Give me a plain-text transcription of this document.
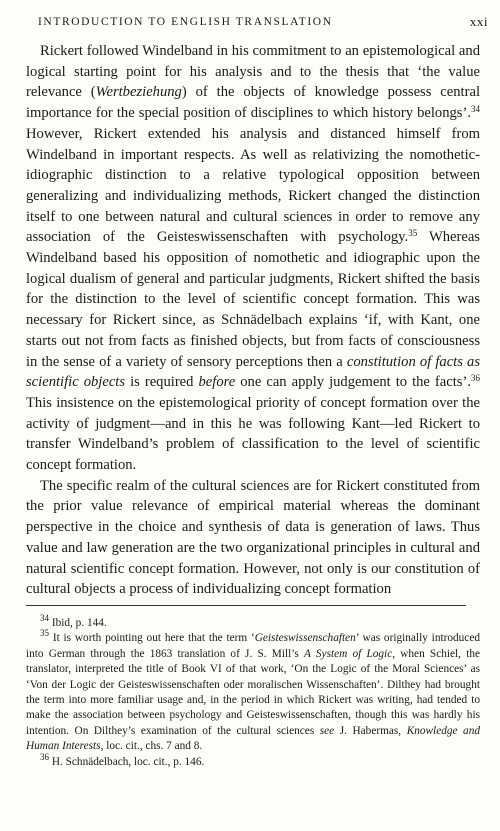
INTRODUCTION TO ENGLISH TRANSLATION	xxi

Rickert followed Windelband in his commitment to an epistemological and logical starting point for his analysis and to the thesis that ‘the value relevance (Wertbeziehung) of the objects of knowledge possess central importance for the special position of disciplines to which history belongs’.$^{34}$ However, Rickert extended his analysis and distanced himself from Windelband in important respects. As well as relativizing the nomothetic-idiographic distinction to a relative typological opposition between generalizing and individualizing methods, Rickert changed the distinction itself to one between natural and cultural sciences in order to remove any association of the Geisteswissenschaften with psychology.$^{35}$ Whereas Windelband based his opposition of nomothetic and idiographic upon the logical dualism of general and particular judgments, Rickert shifted the basis for the distinction to the level of scientific concept formation. This was necessary for Rickert since, as Schnädelbach explains ‘if, with Kant, one starts out not from facts as finished objects, but from facts of consciousness in the sense of a variety of sensory perceptions then a constitution of facts as scientific objects is required before one can apply judgement to the facts’.$^{36}$ This insistence on the epistemological priority of concept formation over the activity of judgment—and in this he was following Kant—led Rickert to transfer Windelband’s problem of classification to the level of scientific concept formation.

The specific realm of the cultural sciences are for Rickert constituted from the prior value relevance of empirical material whereas the dominant perspective in the choice and synthesis of data is generation of laws. Thus value and law generation are the two organizational principles in cultural and natural scientific concept formation. However, not only is our constitution of cultural objects a process of individualizing concept formation

$^{34}$ Ibid, p. 144.

$^{35}$ It is worth pointing out here that the term ‘Geisteswissenschaften’ was originally introduced into German through the 1863 translation of J. S. Mill’s A System of Logic, when Schiel, the translator, interpreted the title of Book VI of that work, ‘On the Logic of the Moral Sciences’ as ‘Von der Logic der Geisteswissenschaften oder moralischen Wissenschaften’. Dilthey had brought the term into more familiar usage and, in the period in which Rickert was writing, had tended to make the association between psychology and Geisteswissenschaften, though this was hardly his intention. On Dilthey’s examination of the cultural sciences see J. Habermas, Knowledge and Human Interests, loc. cit., chs. 7 and 8.

$^{36}$ H. Schnädelbach, loc. cit., p. 146.
